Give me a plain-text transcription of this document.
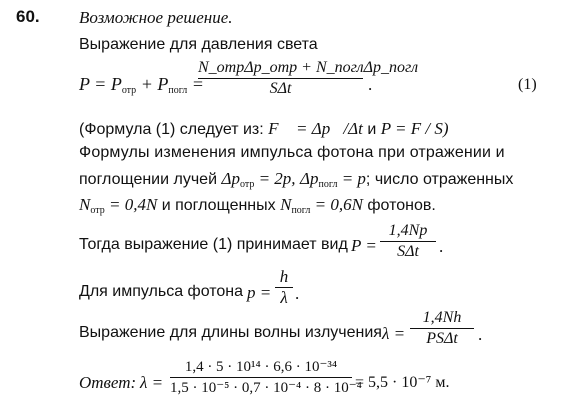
60. Возможное решение.
Выражение для давления света
$P = P_{отр} + P_{погл}$ =
N_отрΔp_отр + N_поглΔp_погл
SΔt	.	(1)
(Формула (1) следует из: F⃗ = Δp⃗/Δt и P = F / S)
Формулы изменения импульса фотона при отражении и
поглощении лучей $\Delta p_{отр} = 2p$, $\Delta p_{погл} = p$; число отраженных
$N_{отр} = 0,4N$ и поглощенных $N_{погл} = 0,6N$ фотонов.
Тогда выражение (1) принимает вид P =
1,4Np
SΔt	.
Для импульса фотона p =
h
λ .
Выражение для длины волны излучения λ =
1,4Nh
PSΔt	.
Ответ: λ =
1,4 · 5 · 10¹⁴ · 6,6 · 10⁻³⁴
1,5 · 10⁻⁵ · 0,7 · 10⁻⁴ · 8 · 10⁻⁴
= 5,5 · 10⁻⁷ м.
